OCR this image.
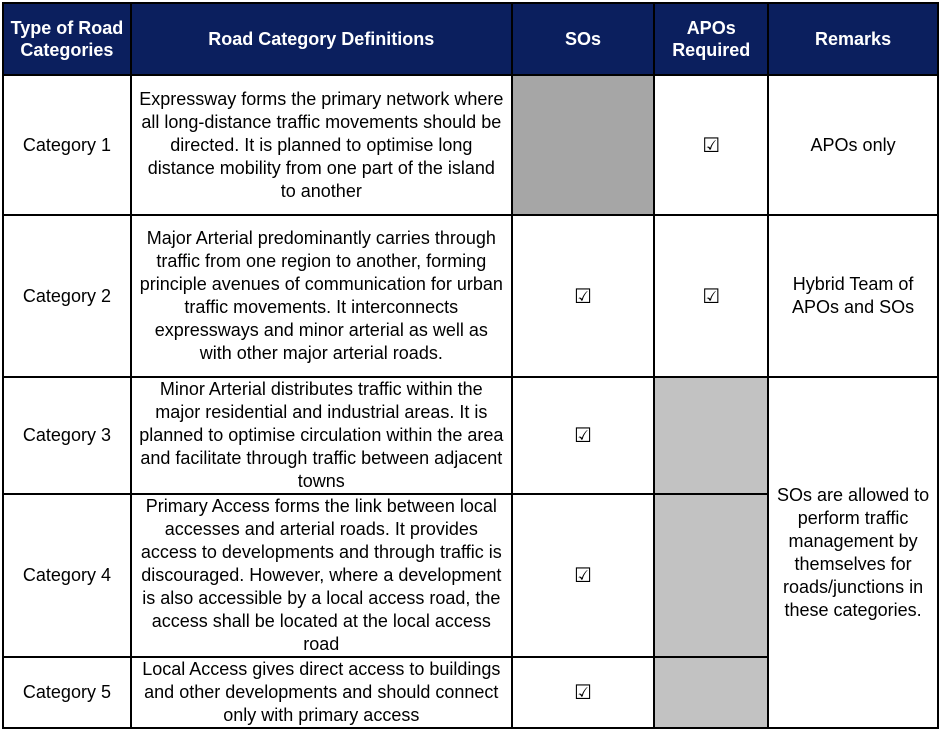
Type of Road Categories	Road Category Definitions	SOs	APOs Required	Remarks
Category 1	Expressway forms the primary network where all long-distance traffic movements should be directed. It is planned to optimise long distance mobility from one part of the island to another		☑	APOs only
Category 2	Major Arterial predominantly carries through traffic from one region to another, forming principle avenues of communication for urban traffic movements. It interconnects expressways and minor arterial as well as with other major arterial roads.	☑	☑	Hybrid Team of APOs and SOs
Category 3	Minor Arterial distributes traffic within the major residential and industrial areas. It is planned to optimise circulation within the area and facilitate through traffic between adjacent towns	☑		SOs are allowed to perform traffic management by themselves for roads/junctions in these categories.
Category 4	Primary Access forms the link between local accesses and arterial roads. It provides access to developments and through traffic is discouraged. However, where a development is also accessible by a local access road, the access shall be located at the local access road	☑		
Category 5	Local Access gives direct access to buildings and other developments and should connect only with primary access	☑		
